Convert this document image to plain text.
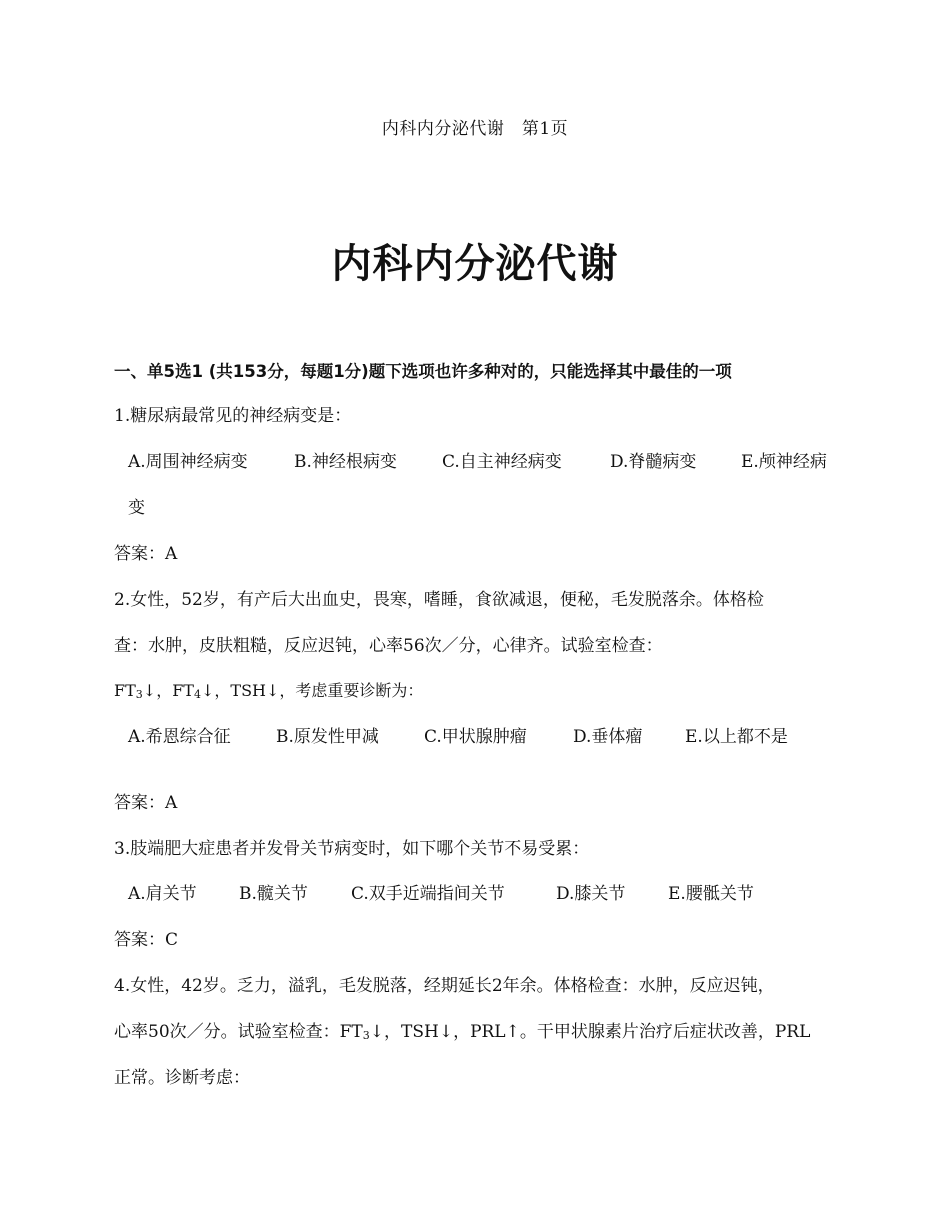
内科内分泌代谢　第1页
内科内分泌代谢
一、单5选1 (共153分，每题1分)题下选项也许多种对的，只能选择其中最佳的一项
1.糖尿病最常见的神经病变是：
A.周围神经病变	B.神经根病变	C.自主神经病变	D.脊髓病变	E.颅神经病
变
答案：A
2.女性，52岁，有产后大出血史，畏寒，嗜睡，食欲减退，便秘，毛发脱落余。体格检
查：水肿，皮肤粗糙，反应迟钝，心率56次／分，心律齐。试验室检查：
$FT_3↓$，$FT_4↓$，TSH↓，考虑重要诊断为：
A.希恩综合征	B.原发性甲减	C.甲状腺肿瘤	D.垂体瘤	E.以上都不是
答案：A
3.肢端肥大症患者并发骨关节病变时，如下哪个关节不易受累：
A.肩关节 B.髋关节	C.双手近端指间关节	D.膝关节	E.腰骶关节
答案：C
4.女性，42岁。乏力，溢乳，毛发脱落，经期延长2年余。体格检查：水肿，反应迟钝，
心率50次／分。试验室检查：$FT_3↓$，TSH↓，PRL↑。干甲状腺素片治疗后症状改善，PRL
正常。诊断考虑：
